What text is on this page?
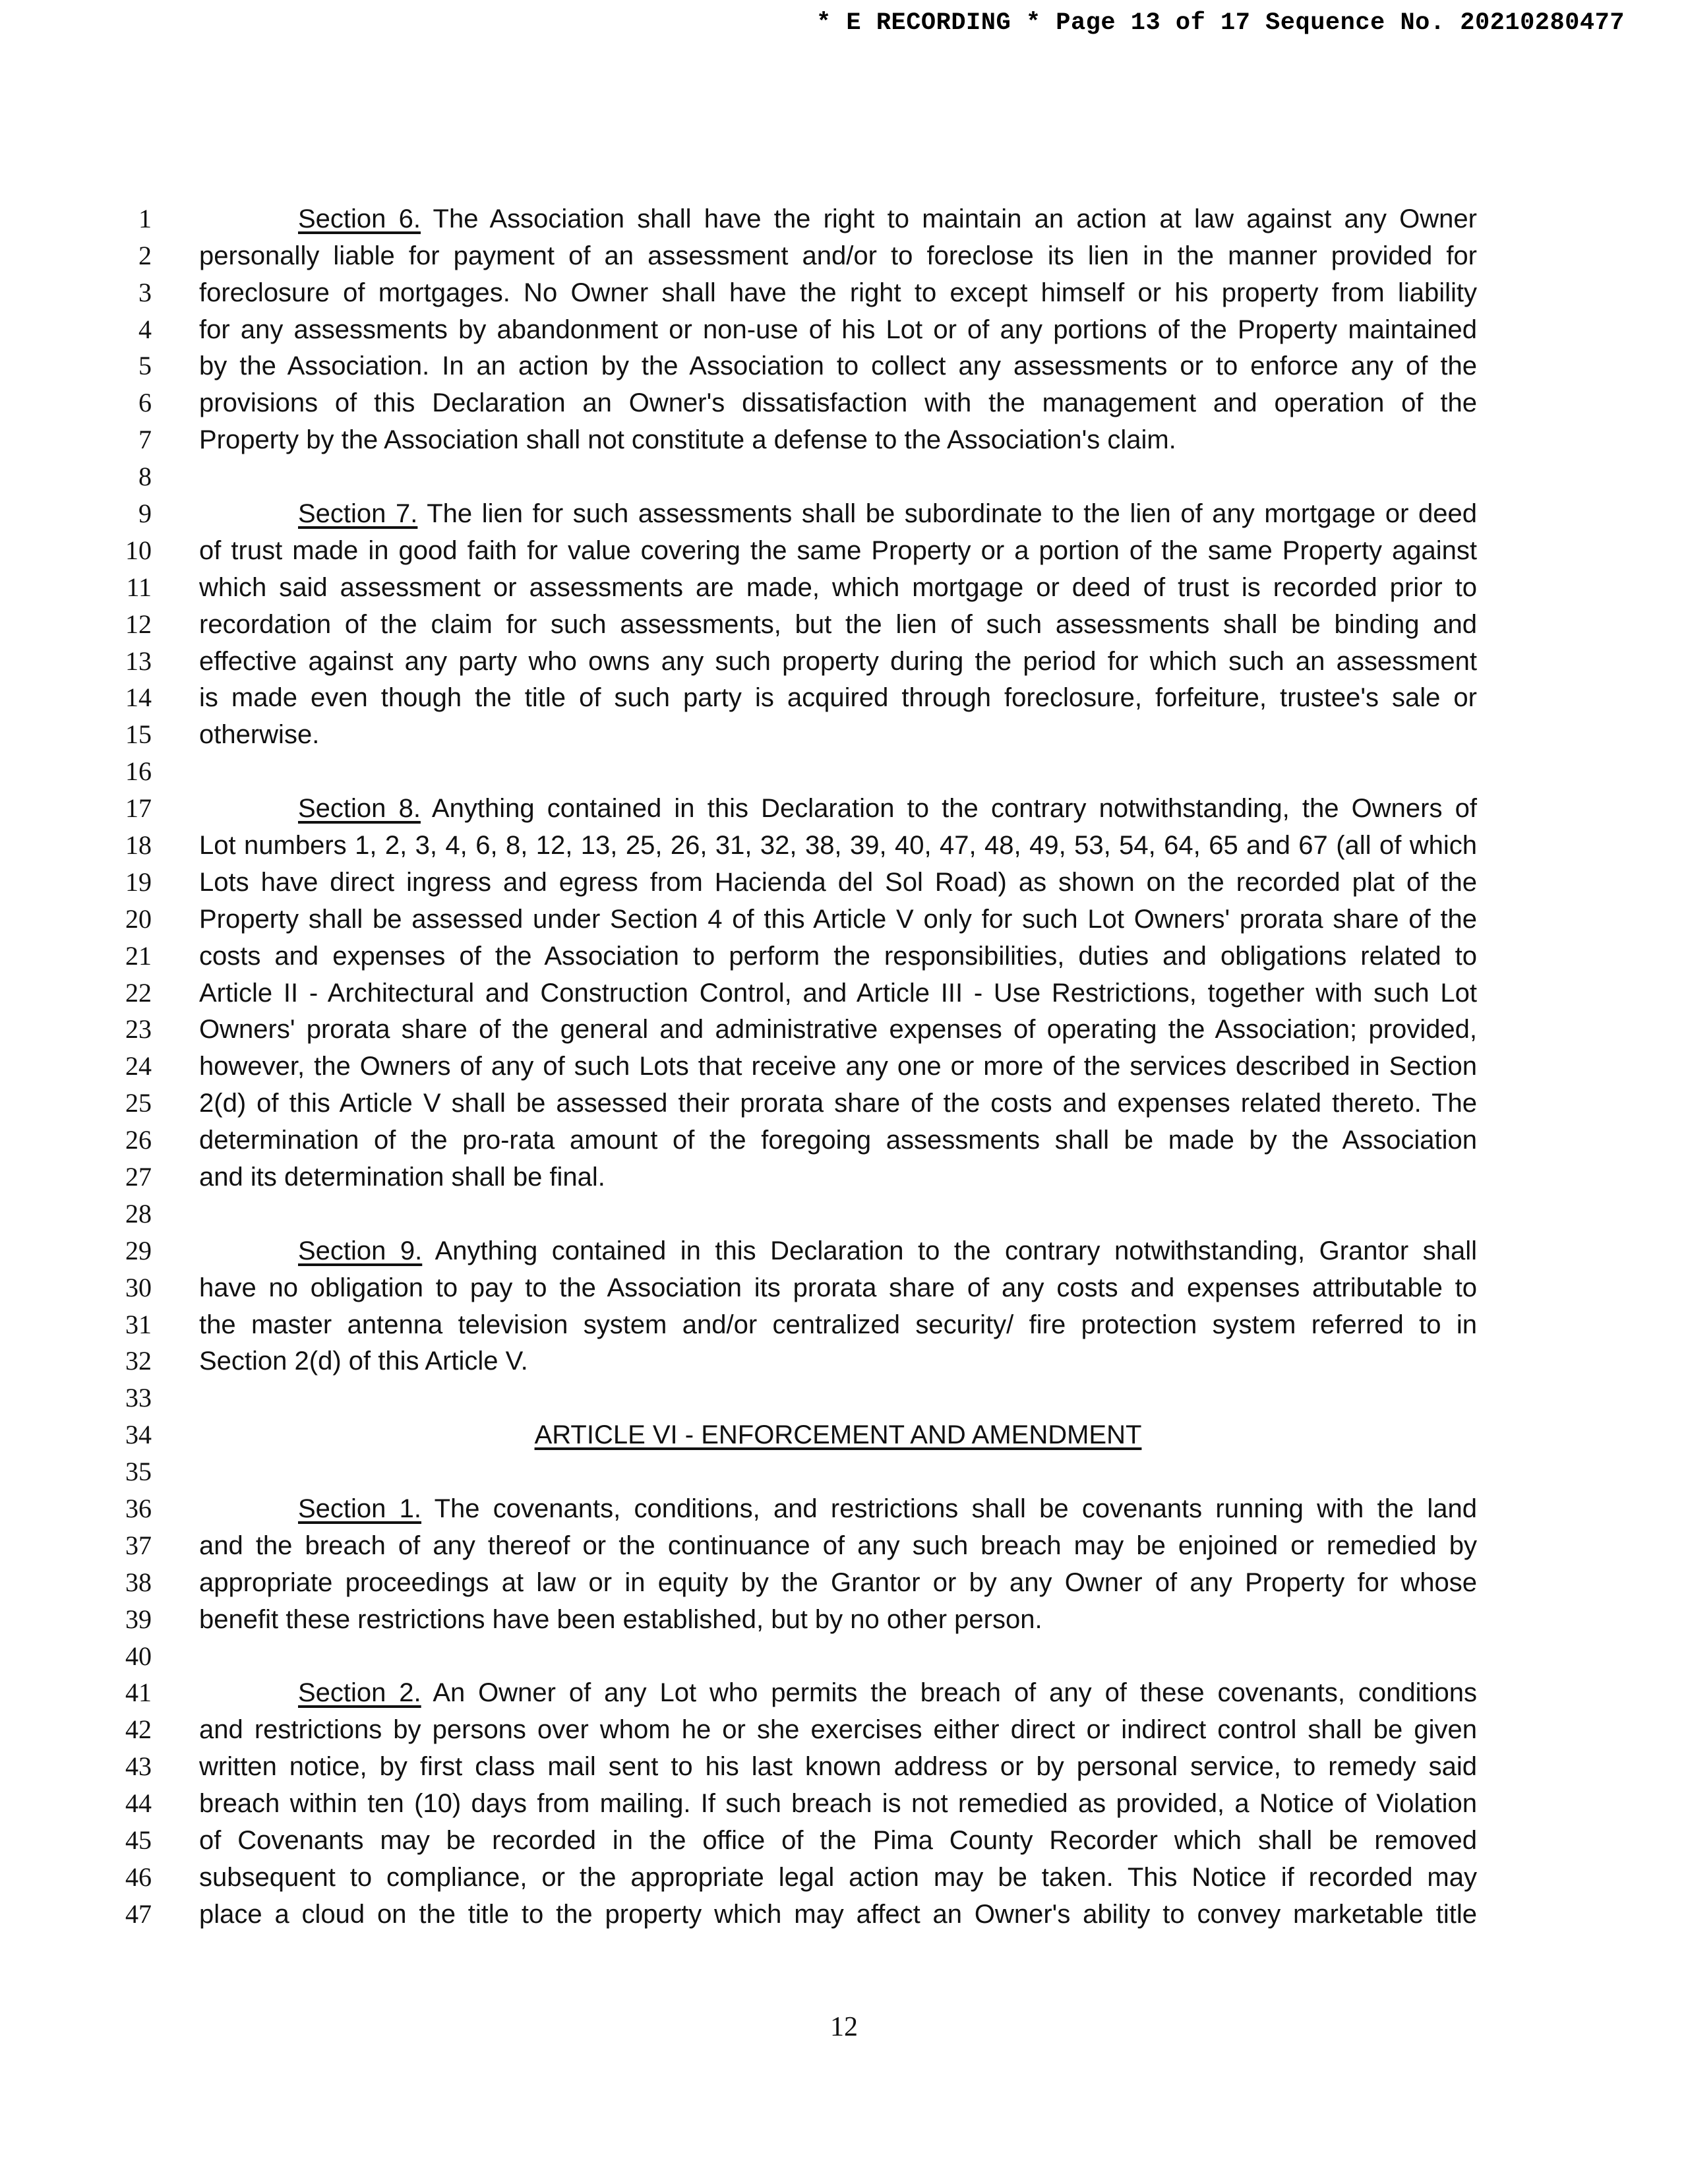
* E RECORDING * Page 13 of 17 Sequence No. 20210280477
1
2
3
4
5
6
7
8
9
10
11
12
13
14
15
16
17
18
19
20
21
22
23
24
25
26
27
28
29
30
31
32
33
34
35
36
37
38
39
40
41
42
43
44
45
46
47
Section 6. The Association shall have the right to maintain an action at law against any Owner
personally liable for payment of an assessment and/or to foreclose its lien in the manner provided for
foreclosure of mortgages. No Owner shall have the right to except himself or his property from liability
for any assessments by abandonment or non-use of his Lot or of any portions of the Property maintained
by the Association. In an action by the Association to collect any assessments or to enforce any of the
provisions of this Declaration an Owner's dissatisfaction with the management and operation of the
Property by the Association shall not constitute a defense to the Association's claim.
Section 7. The lien for such assessments shall be subordinate to the lien of any mortgage or deed
of trust made in good faith for value covering the same Property or a portion of the same Property against
which said assessment or assessments are made, which mortgage or deed of trust is recorded prior to
recordation of the claim for such assessments, but the lien of such assessments shall be binding and
effective against any party who owns any such property during the period for which such an assessment
is made even though the title of such party is acquired through foreclosure, forfeiture, trustee's sale or
otherwise.
Section 8. Anything contained in this Declaration to the contrary notwithstanding, the Owners of
Lot numbers 1, 2, 3, 4, 6, 8, 12, 13, 25, 26, 31, 32, 38, 39, 40, 47, 48, 49, 53, 54, 64, 65 and 67 (all of which
Lots have direct ingress and egress from Hacienda del Sol Road) as shown on the recorded plat of the
Property shall be assessed under Section 4 of this Article V only for such Lot Owners' prorata share of the
costs and expenses of the Association to perform the responsibilities, duties and obligations related to
Article II - Architectural and Construction Control, and Article III - Use Restrictions, together with such Lot
Owners' prorata share of the general and administrative expenses of operating the Association; provided,
however, the Owners of any of such Lots that receive any one or more of the services described in Section
2(d) of this Article V shall be assessed their prorata share of the costs and expenses related thereto. The
determination of the pro-rata amount of the foregoing assessments shall be made by the Association
and its determination shall be final.
Section 9. Anything contained in this Declaration to the contrary notwithstanding, Grantor shall
have no obligation to pay to the Association its prorata share of any costs and expenses attributable to
the master antenna television system and/or centralized security/ fire protection system referred to in
Section 2(d) of this Article V.
ARTICLE VI - ENFORCEMENT AND AMENDMENT
Section 1. The covenants, conditions, and restrictions shall be covenants running with the land
and the breach of any thereof or the continuance of any such breach may be enjoined or remedied by
appropriate proceedings at law or in equity by the Grantor or by any Owner of any Property for whose
benefit these restrictions have been established, but by no other person.
Section 2. An Owner of any Lot who permits the breach of any of these covenants, conditions
and restrictions by persons over whom he or she exercises either direct or indirect control shall be given
written notice, by first class mail sent to his last known address or by personal service, to remedy said
breach within ten (10) days from mailing. If such breach is not remedied as provided, a Notice of Violation
of Covenants may be recorded in the office of the Pima County Recorder which shall be removed
subsequent to compliance, or the appropriate legal action may be taken. This Notice if recorded may
place a cloud on the title to the property which may affect an Owner's ability to convey marketable title
12
